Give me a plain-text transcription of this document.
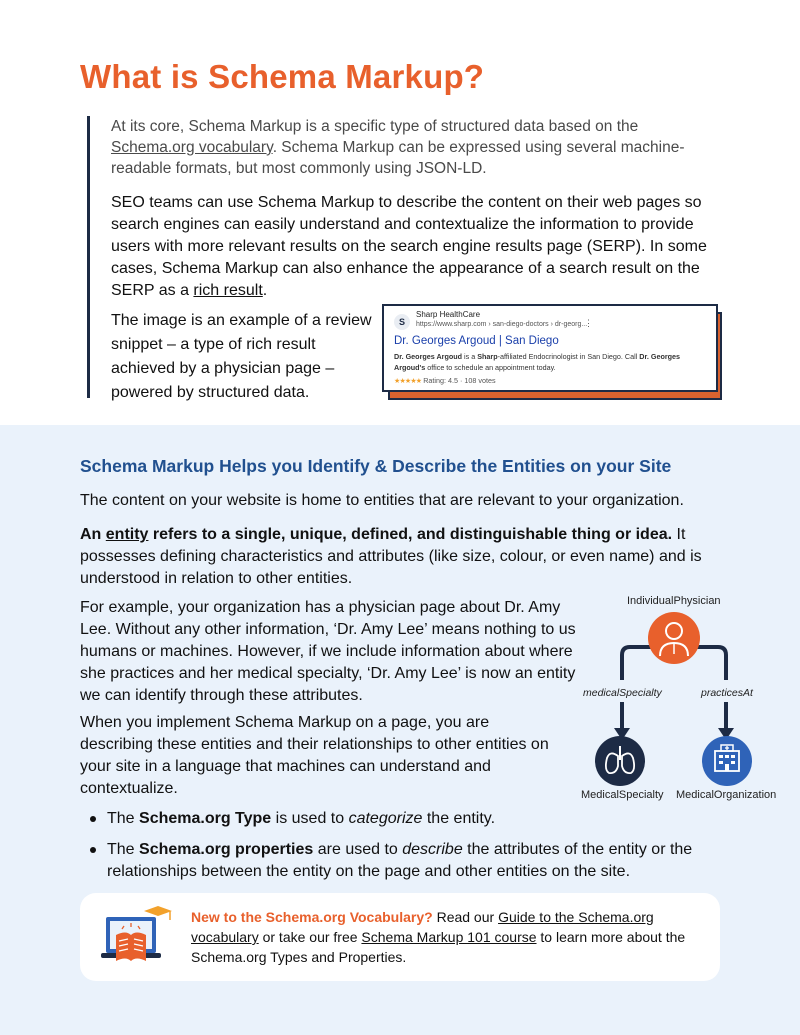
What is Schema Markup?

At its core, Schema Markup is a specific type of structured data based on the Schema.org vocabulary. Schema Markup can be expressed using several machine-readable formats, but most commonly using JSON-LD.

SEO teams can use Schema Markup to describe the content on their web pages so search engines can easily understand and contextualize the information to provide users with more relevant results on the search engine results page (SERP). In some cases, Schema Markup can also enhance the appearance of a search result on the SERP as a rich result.

The image is an example of a review snippet – a type of rich result achieved by a physician page – powered by structured data.

S
Sharp HealthCare
https://www.sharp.com › san-diego-doctors › dr-georg...
⋮
Dr. Georges Argoud | San Diego
Dr. Georges Argoud is a Sharp-affiliated Endocrinologist in San Diego. Call Dr. Georges Argoud's office to schedule an appointment today.
★★★★★ Rating: 4.5 · 108 votes
Schema Markup Helps you Identify & Describe the Entities on your Site

The content on your website is home to entities that are relevant to your organization.

An entity refers to a single, unique, defined, and distinguishable thing or idea. It possesses defining characteristics and attributes (like size, colour, or even name) and is understood in relation to other entities.

For example, your organization has a physician page about Dr. Amy Lee. Without any other information, ‘Dr. Amy Lee’ means nothing to us humans or machines. However, if we include information about where she practices and her medical specialty, ‘Dr. Amy Lee’ is now an entity we can identify through these attributes.

When you implement Schema Markup on a page, you are describing these entities and their relationships to other entities on your site in a language that machines can understand and contextualize.

The Schema.org Type is used to categorize the entity.
The Schema.org properties are used to describe the attributes of the entity or the relationships between the entity on the page and other entities on the site.
IndividualPhysician
medicalSpecialty	practicesAt
MedicalSpecialty MedicalOrganization

New to the Schema.org Vocabulary? Read our Guide to the Schema.org vocabulary or take our free Schema Markup 101 course to learn more about the Schema.org Types and Properties.
